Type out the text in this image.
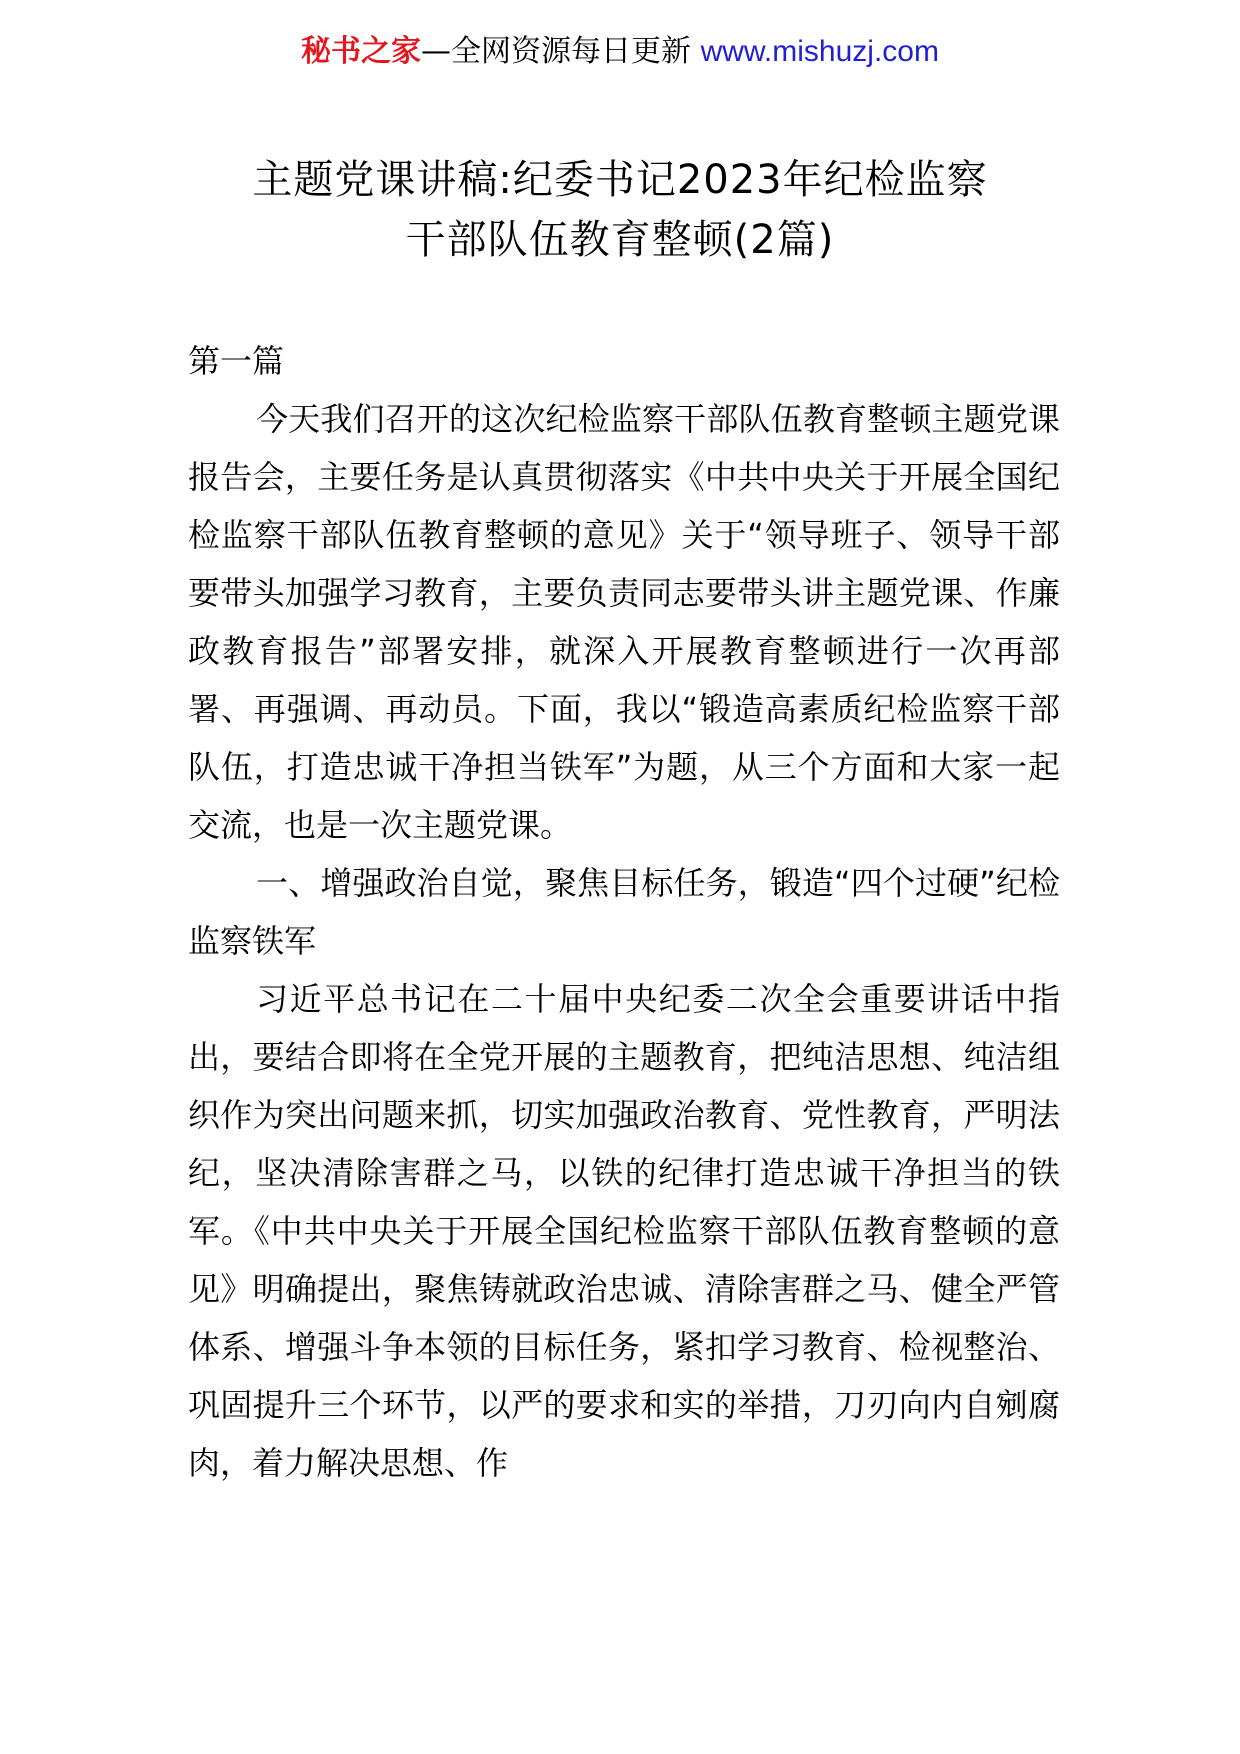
秘书之家—全网资源每日更新 www.mishuzj.com
主题党课讲稿:纪委书记2023年纪检监察
干部队伍教育整顿(2篇)

第一篇

今天我们召开的这次纪检监察干部队伍教育整顿主题党课报告会，主要任务是认真贯彻落实《中共中央关于开展全国纪检监察干部队伍教育整顿的意见》关于“领导班子、领导干部要带头加强学习教育，主要负责同志要带头讲主题党课、作廉政教育报告”部署安排，就深入开展教育整顿进行一次再部署、再强调、再动员。下面，我以“锻造高素质纪检监察干部队伍，打造忠诚干净担当铁军”为题，从三个方面和大家一起交流，也是一次主题党课。

一、增强政治自觉，聚焦目标任务，锻造“四个过硬”纪检监察铁军

习近平总书记在二十届中央纪委二次全会重要讲话中指出，要结合即将在全党开展的主题教育，把纯洁思想、纯洁组织作为突出问题来抓，切实加强政治教育、党性教育，严明法纪，坚决清除害群之马，以铁的纪律打造忠诚干净担当的铁军。《中共中央关于开展全国纪检监察干部队伍教育整顿的意见》明确提出，聚焦铸就政治忠诚、清除害群之马、健全严管体系、增强斗争本领的目标任务，紧扣学习教育、检视整治、巩固提升三个环节，以严的要求和实的举措，刀刃向内自剜腐肉，着力解决思想、作
